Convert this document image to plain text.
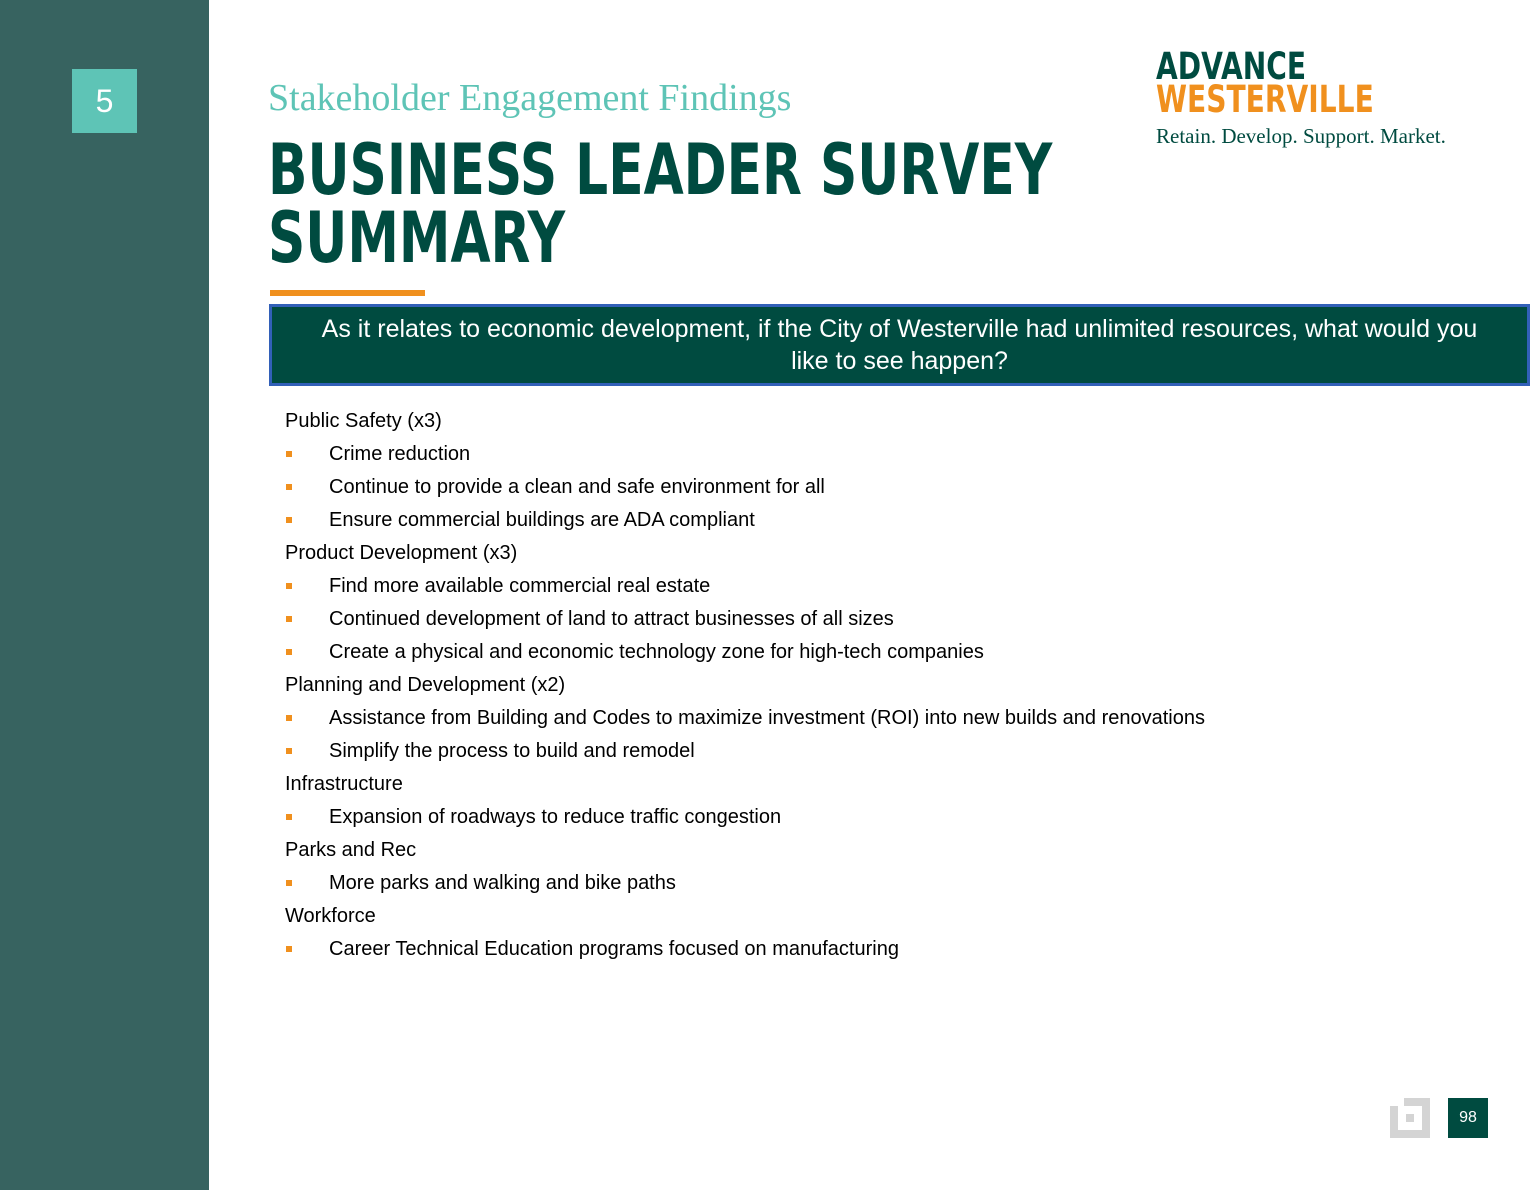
5	Stakeholder Engagement Findings
BUSINESS LEADER SURVEY SUMMARY
ADVANCE
WESTERVILLE
Retain. Develop. Support. Market.
As it relates to economic development, if the City of Westerville had unlimited resources, what would you like to see happen?
Public Safety (x3)
Crime reduction
Continue to provide a clean and safe environment for all
Ensure commercial buildings are ADA compliant
Product Development (x3)
Find more available commercial real estate
Continued development of land to attract businesses of all sizes
Create a physical and economic technology zone for high-tech companies
Planning and Development (x2)
Assistance from Building and Codes to maximize investment (ROI) into new builds and renovations
Simplify the process to build and remodel
Infrastructure
Expansion of roadways to reduce traffic congestion
Parks and Rec
More parks and walking and bike paths
Workforce
Career Technical Education programs focused on manufacturing
98
